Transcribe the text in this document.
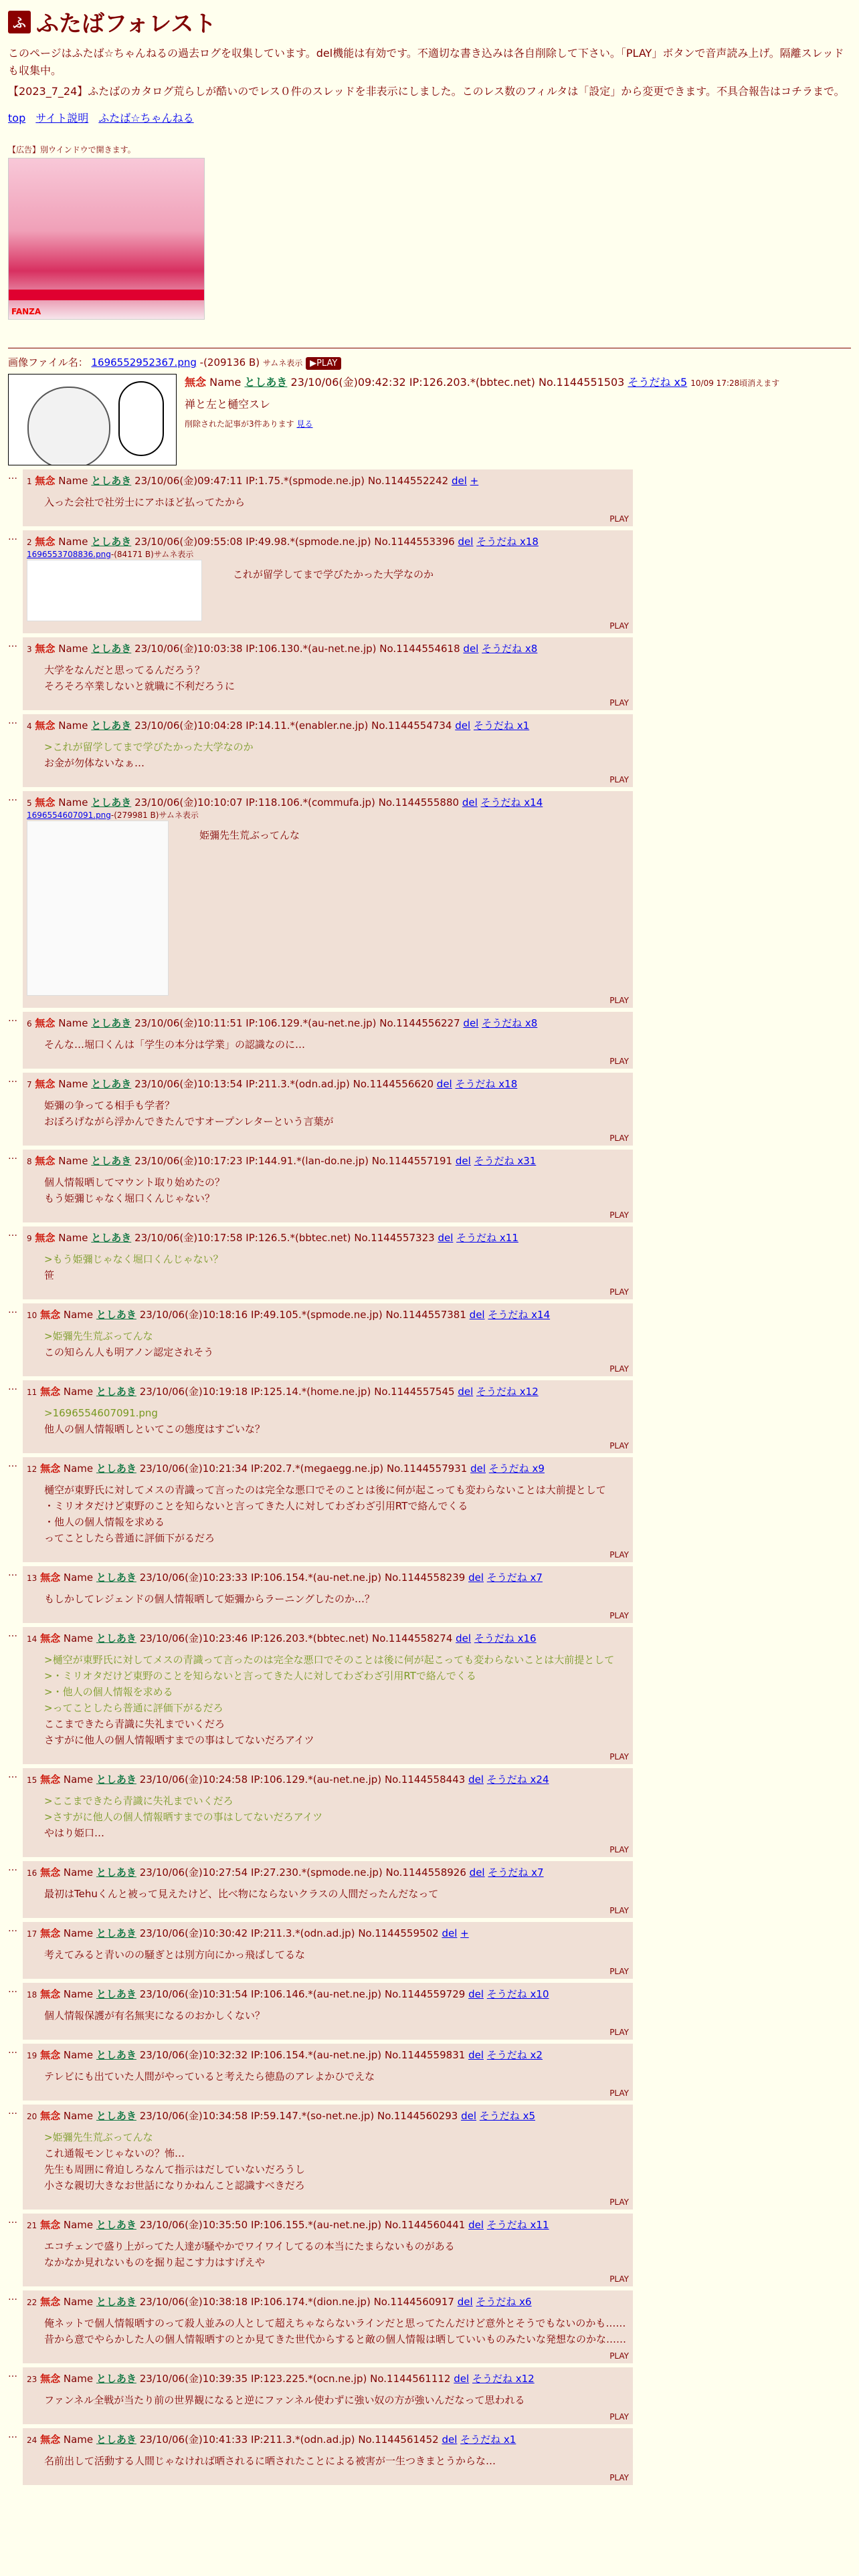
ふ ふたばフォレスト

このページはふたば☆ちゃんねるの過去ログを収集しています。del機能は有効です。不適切な書き込みは各自削除して下さい。「PLAY」ボタンで音声読み上げ。隔離スレッドも収集中。

【2023_7_24】ふたばのカタログ荒らしが酷いのでレス０件のスレッドを非表示にしました。このレス数のフィルタは「設定」から変更できます。不具合報告はコチラまで。

top サイト説明 ふたば☆ちゃんねる
【広告】別ウインドウで開きます。
FANZA
画像ファイル名： 1696552952367.png -(209136 B) サムネ表示 ▶PLAY
無念 Name としあき 23/10/06(金)09:42:32 IP:126.203.*(bbtec.net) No.1144551503 そうだね x5 10/09 17:28頃消えます
禅と左と樋空スレ
削除された記事が3件あります 見る
…	1 無念 Name としあき 23/10/06(金)09:47:11 IP:1.75.*(spmode.ne.jp) No.1144552242 del +
入った会社で社労士にアホほど払ってたから
PLAY
…	2 無念 Name としあき 23/10/06(金)09:55:08 IP:49.98.*(spmode.ne.jp) No.1144553396 del そうだね x18
1696553708836.png-(84171 B)サムネ表示
これが留学してまで学びたかった大学なのか
PLAY
…	3 無念 Name としあき 23/10/06(金)10:03:38 IP:106.130.*(au-net.ne.jp) No.1144554618 del そうだね x8
大学をなんだと思ってるんだろう？
そろそろ卒業しないと就職に不利だろうに
PLAY
…	4 無念 Name としあき 23/10/06(金)10:04:28 IP:14.11.*(enabler.ne.jp) No.1144554734 del そうだね x1
>これが留学してまで学びたかった大学なのか
お金が勿体ないなぁ…
PLAY
…	5 無念 Name としあき 23/10/06(金)10:10:07 IP:118.106.*(commufa.jp) No.1144555880 del そうだね x14
1696554607091.png-(279981 B)サムネ表示
姫彌先生荒ぶってんな
PLAY
…	6 無念 Name としあき 23/10/06(金)10:11:51 IP:106.129.*(au-net.ne.jp) No.1144556227 del そうだね x8
そんな…堀口くんは「学生の本分は学業」の認識なのに…
PLAY
…	7 無念 Name としあき 23/10/06(金)10:13:54 IP:211.3.*(odn.ad.jp) No.1144556620 del そうだね x18
姫彌の争ってる相手も学者？
おぼろげながら浮かんできたんですオープンレターという言葉が
PLAY
…	8 無念 Name としあき 23/10/06(金)10:17:23 IP:144.91.*(lan-do.ne.jp) No.1144557191 del そうだね x31
個人情報晒してマウント取り始めたの？
もう姫彌じゃなく堀口くんじゃない？
PLAY
…	9 無念 Name としあき 23/10/06(金)10:17:58 IP:126.5.*(bbtec.net) No.1144557323 del そうだね x11
>もう姫彌じゃなく堀口くんじゃない？
笹
PLAY
…	10 無念 Name としあき 23/10/06(金)10:18:16 IP:49.105.*(spmode.ne.jp) No.1144557381 del そうだね x14
>姫彌先生荒ぶってんな
この知らん人も明アノン認定されそう
PLAY
…	11 無念 Name としあき 23/10/06(金)10:19:18 IP:125.14.*(home.ne.jp) No.1144557545 del そうだね x12
>1696554607091.png
他人の個人情報晒しといてこの態度はすごいな？
PLAY
…	12 無念 Name としあき 23/10/06(金)10:21:34 IP:202.7.*(megaegg.ne.jp) No.1144557931 del そうだね x9
樋空が東野氏に対してメスの青識って言ったのは完全な悪口でそのことは後に何が起こっても変わらないことは大前提として
・ミリオタだけど東野のことを知らないと言ってきた人に対してわざわざ引用RTで絡んでくる
・他人の個人情報を求める
ってことしたら普通に評価下がるだろ
PLAY
…	13 無念 Name としあき 23/10/06(金)10:23:33 IP:106.154.*(au-net.ne.jp) No.1144558239 del そうだね x7
もしかしてレジェンドの個人情報晒して姫彌からラーニングしたのか…？
PLAY
…	14 無念 Name としあき 23/10/06(金)10:23:46 IP:126.203.*(bbtec.net) No.1144558274 del そうだね x16
>樋空が東野氏に対してメスの青識って言ったのは完全な悪口でそのことは後に何が起こっても変わらないことは大前提として
>・ミリオタだけど東野のことを知らないと言ってきた人に対してわざわざ引用RTで絡んでくる
>・他人の個人情報を求める
>ってことしたら普通に評価下がるだろ
ここまできたら青識に失礼までいくだろ
さすがに他人の個人情報晒すまでの事はしてないだろアイツ
PLAY
…	15 無念 Name としあき 23/10/06(金)10:24:58 IP:106.129.*(au-net.ne.jp) No.1144558443 del そうだね x24
>ここまできたら青識に失礼までいくだろ
>さすがに他人の個人情報晒すまでの事はしてないだろアイツ
やはり姫口…
PLAY
…	16 無念 Name としあき 23/10/06(金)10:27:54 IP:27.230.*(spmode.ne.jp) No.1144558926 del そうだね x7
最初はTehuくんと被って見えたけど、比べ物にならないクラスの人間だったんだなって
PLAY
…	17 無念 Name としあき 23/10/06(金)10:30:42 IP:211.3.*(odn.ad.jp) No.1144559502 del +
考えてみると青いのの騒ぎとは別方向にかっ飛ばしてるな
PLAY
…	18 無念 Name としあき 23/10/06(金)10:31:54 IP:106.146.*(au-net.ne.jp) No.1144559729 del そうだね x10
個人情報保護が有名無実になるのおかしくない？
PLAY
…	19 無念 Name としあき 23/10/06(金)10:32:32 IP:106.154.*(au-net.ne.jp) No.1144559831 del そうだね x2
テレビにも出ていた人間がやっていると考えたら徳島のアレよかひでえな
PLAY
…	20 無念 Name としあき 23/10/06(金)10:34:58 IP:59.147.*(so-net.ne.jp) No.1144560293 del そうだね x5
>姫彌先生荒ぶってんな
これ通報モンじゃないの？怖…
先生も周囲に脅迫しろなんて指示はだしていないだろうし
小さな親切大きなお世話になりかねんこと認識すべきだろ
PLAY
…	21 無念 Name としあき 23/10/06(金)10:35:50 IP:106.155.*(au-net.ne.jp) No.1144560441 del そうだね x11
エコチェンで盛り上がってた人達が騒やかでワイワイしてるの本当にたまらないものがある
なかなか見れないものを掘り起こす力はすげえや
PLAY
…	22 無念 Name としあき 23/10/06(金)10:38:18 IP:106.174.*(dion.ne.jp) No.1144560917 del そうだね x6
俺ネットで個人情報晒すのって殺人並みの人として超えちゃならないラインだと思ってたんだけど意外とそうでもないのかも……
昔から意でやらかした人の個人情報晒すのとか見てきた世代からすると敵の個人情報は晒していいものみたいな発想なのかな……
PLAY
…	23 無念 Name としあき 23/10/06(金)10:39:35 IP:123.225.*(ocn.ne.jp) No.1144561112 del そうだね x12
ファンネル全戦が当たり前の世界観になると逆にファンネル使わずに強い奴の方が強いんだなって思われる
PLAY
…	24 無念 Name としあき 23/10/06(金)10:41:33 IP:211.3.*(odn.ad.jp) No.1144561452 del そうだね x1
名前出して活動する人間じゃなければ晒されるに晒されたことによる被害が一生つきまとうからな…
PLAY
